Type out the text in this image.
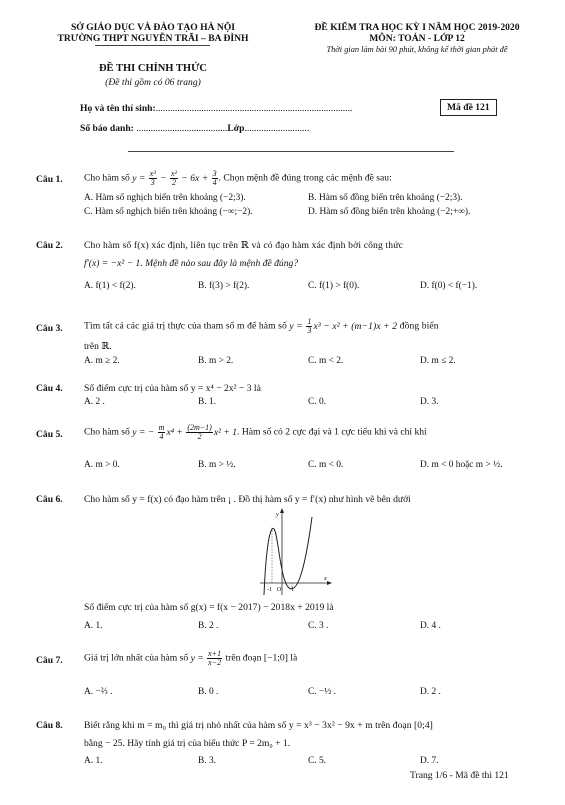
SỞ GIÁO DỤC VÀ ĐÀO TẠO HÀ NỘI
TRƯỜNG THPT NGUYỄN TRÃI – BA ĐÌNH
ĐỀ THI CHÍNH THỨC
(Đề thi gồm có 06 trang)
ĐỀ KIỂM TRA HỌC KỲ I NĂM HỌC 2019-2020
MÔN: TOÁN - LỚP 12
Thời gian làm bài 90 phút, không kể thời gian phát đề
Họ và tên thí sinh:..................................................................................	Mã đề 121
Số báo danh: ......................................Lớp...........................
Câu 1. Cho hàm số $y = \frac{\text{x³}}{3} - \frac{\text{x²}}{2} - 6x + \frac{3}{4}$ . Chọn mệnh đề đúng trong các mệnh đề sau:
A. Hàm số nghịch biến trên khoảng (−2;3).	B. Hàm số đồng biến trên khoảng (−2;3).
C. Hàm số nghịch biến trên khoảng (−∞;−2).	D. Hàm số đồng biến trên khoảng (−2;+∞).
Câu 2. Cho hàm số f(x) xác định, liên tục trên ℝ và có đạo hàm xác định bởi công thức
f′(x) = −x² − 1. Mệnh đề nào sau đây là mệnh đề đúng?
A. f(1) < f(2).	B. f(3) > f(2).	C. f(1) > f(0).	D. f(0) < f(−1).
Câu 3. Tìm tất cả các giá trị thực của tham số m để hàm số $y = \frac{1}{3} x^3 - x^2 + (m-1)x + 2$ đồng biến
trên ℝ.
A. m ≥ 2.	B. m > 2.	C. m < 2.	D. m ≤ 2.
Câu 4. Số điểm cực trị của hàm số y = x⁴ − 2x² − 3 là
A. 2 .	B. 1.	C. 0.	D. 3.
Câu 5. Cho hàm số y = − $\frac{m}{4} x^4 + \frac{(2m-1)}{2} x^2 + 1$. Hàm số có 2 cực đại và 1 cực tiểu khi và chỉ khi
A. m > 0.	B. m > ½.	C. m < 0.	D. m < 0 hoặc m > ½.
Câu 6. Cho hàm số y = f(x) có đạo hàm trên ¡ . Đồ thị hàm số y = f′(x) như hình vẽ bên dưới
y
x
-1 O 1
Số điểm cực trị của hàm số g(x) = f(x − 2017) − 2018x + 2019 là
A. 1.	B. 2 .	C. 3 .	D. 4 .
Câu 7. Giá trị lớn nhất của hàm số $y = \frac{x+1}{x-2}$ trên đoạn [−1;0] là
A. −⅔ .	B. 0 .	C. −½ .	D. 2 .
Câu 8. Biết rằng khi m = m₀ thì giá trị nhỏ nhất của hàm số y = x³ − 3x² − 9x + m trên đoạn [0;4]
bằng − 25. Hãy tính giá trị của biểu thức P = 2m₀ + 1.
A. 1.	B. 3.	C. 5.	D. 7.
Trang 1/6 - Mã đề thi 121
